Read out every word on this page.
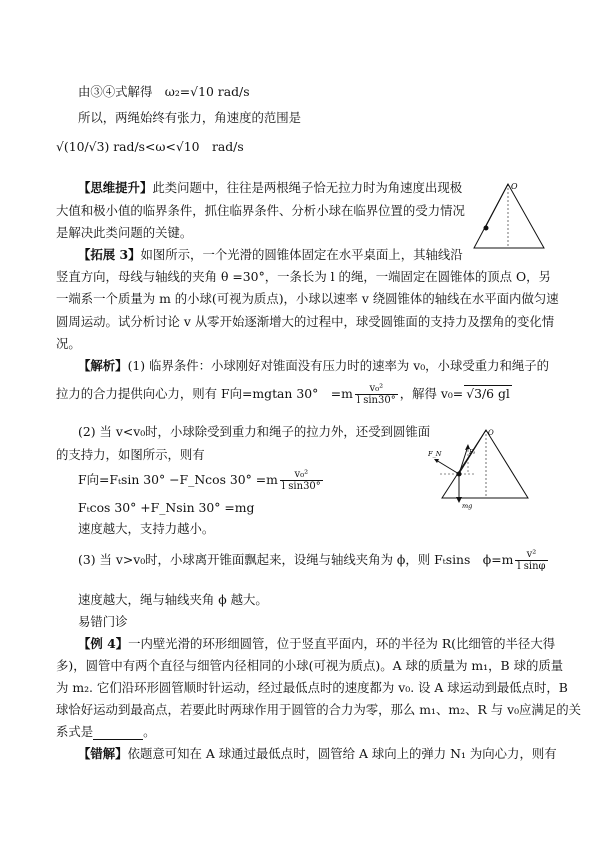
O
O
Fₜ
F_N
mg
由③④式解得　ω₂=√10 rad/s
所以，两绳始终有张力，角速度的范围是
√(10/√3) rad/s<ω<√10　rad/s
【思维提升】此类问题中，往往是两根绳子恰无拉力时为角速度出现极
大值和极小值的临界条件，抓住临界条件、分析小球在临界位置的受力情况
是解决此类问题的关键。
【拓展 3】如图所示，一个光滑的圆锥体固定在水平桌面上，其轴线沿
竖直方向，母线与轴线的夹角 θ =30°，一条长为 l 的绳，一端固定在圆锥体的顶点 O，另
一端系一个质量为 m 的小球(可视为质点)，小球以速率 v 绕圆锥体的轴线在水平面内做匀速
圆周运动。试分析讨论 v 从零开始逐渐增大的过程中，球受圆锥面的支持力及摆角的变化情
况。
【解析】(1) 临界条件：小球刚好对锥面没有压力时的速率为 v₀，小球受重力和绳子的
拉力的合力提供向心力，则有 F向=mgtan 30°　$=m \frac{\text{v₀²}}{\text{l sin30°}}$ ，解得 v₀= √3/6 gl
(2) 当 v<v₀时，小球除受到重力和绳子的拉力外，还受到圆锥面
的支持力，如图所示，则有
F向=Fₜsin 30° −F_Ncos $30^\circ =m \frac{\text{v₀²}}{\text{l sin30°}}$
Fₜcos 30° +F_Nsin 30° =mg
速度越大，支持力越小。
(3) 当 v>v₀时，小球离开锥面飘起来，设绳与轴线夹角为 ϕ，则 Fₜsins　$\phi=m \frac{\text{v²}}{\text{l sinφ}}$
速度越大，绳与轴线夹角 ϕ 越大。
易错门诊
【例 4】一内壁光滑的环形细圆管，位于竖直平面内，环的半径为 R(比细管的半径大得
多)，圆管中有两个直径与细管内径相同的小球(可视为质点)。A 球的质量为 m₁，B 球的质量
为 m₂. 它们沿环形圆管顺时针运动，经过最低点时的速度都为 v₀. 设 A 球运动到最低点时，B
球恰好运动到最高点，若要此时两球作用于圆管的合力为零，那么 m₁、m₂、R 与 v₀应满足的关
系式是	。
【错解】依题意可知在 A 球通过最低点时，圆管给 A 球向上的弹力 N₁ 为向心力，则有
